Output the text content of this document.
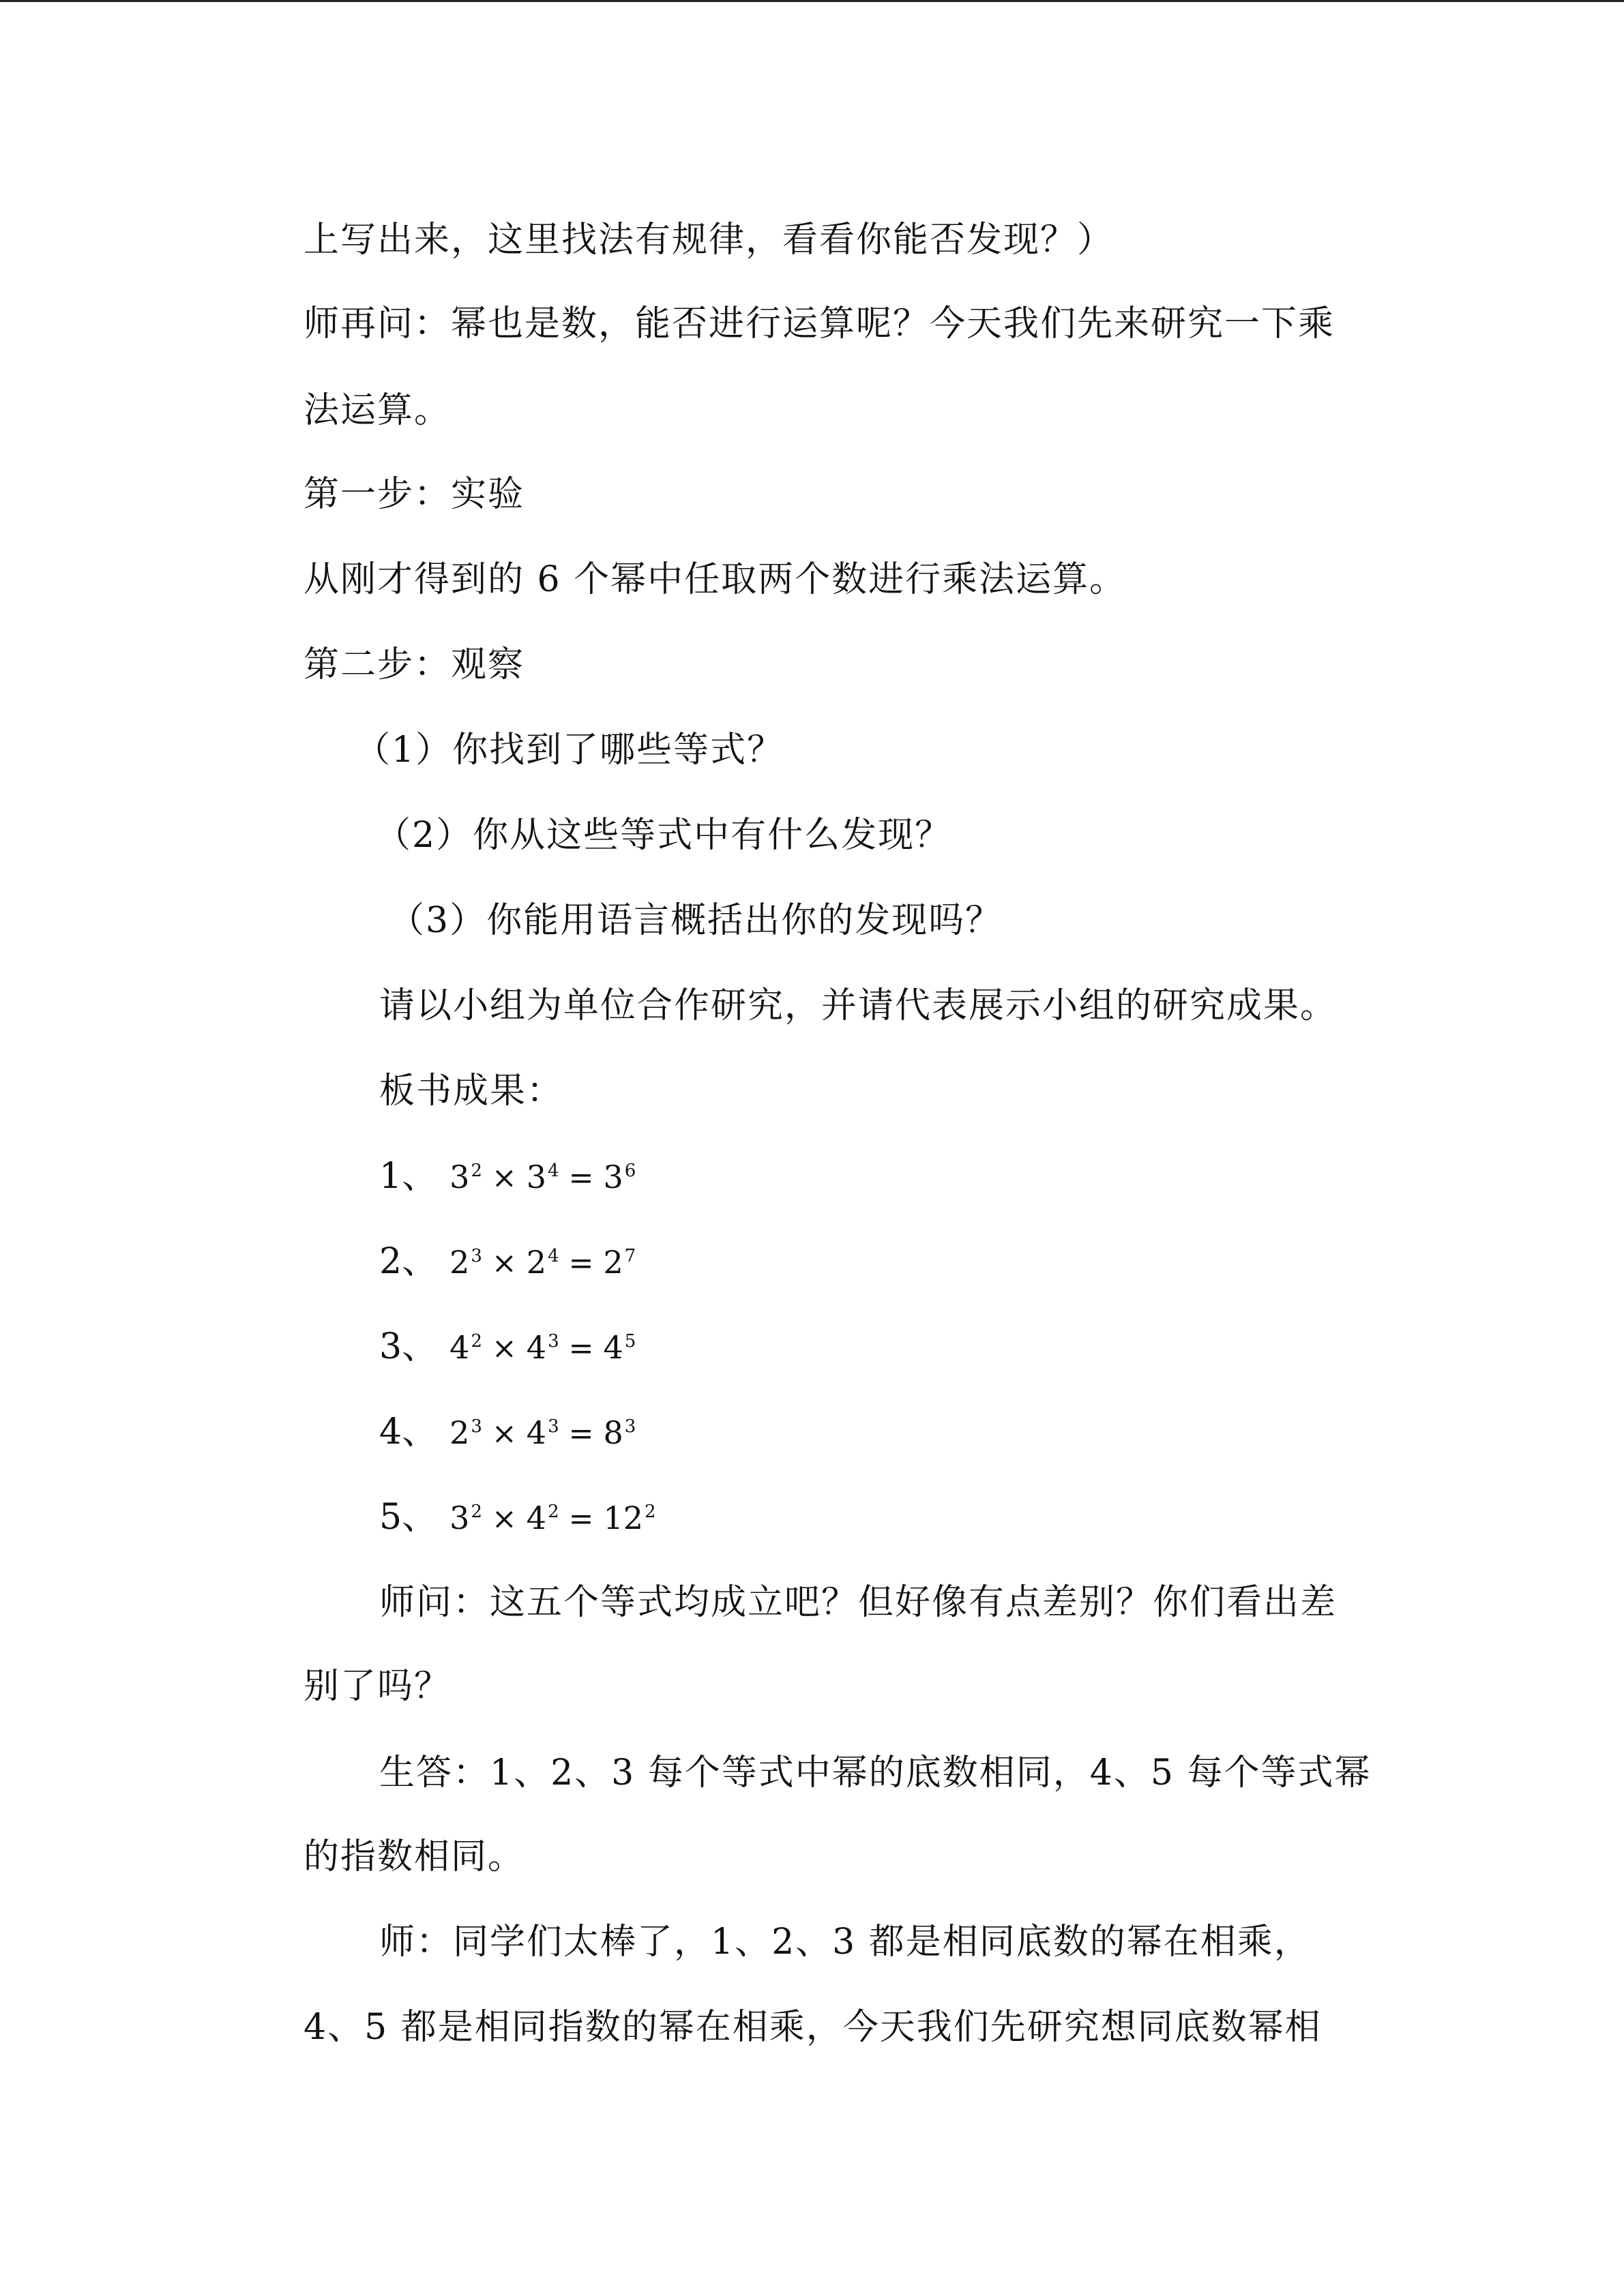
上写出来，这里找法有规律，看看你能否发现？）
师再问：幂也是数，能否进行运算呢？今天我们先来研究一下乘
法运算。
第一步：实验
从刚才得到的 6 个幂中任取两个数进行乘法运算。
第二步：观察
（1）你找到了哪些等式？
（2）你从这些等式中有什么发现？
（3）你能用语言概括出你的发现吗？
请以小组为单位合作研究，并请代表展示小组的研究成果。
板书成果：
1、 $3^2 \times 3^4 = 3^6$
2、 $2^3 \times 2^4 = 2^7$
3、 $4^2 \times 4^3 = 4^5$
4、 $2^3 \times 4^3 = 8^3$
5、 $3^2 \times 4^2 = 12^2$
师问：这五个等式均成立吧？但好像有点差别？你们看出差
别了吗？
生答：1、2、3 每个等式中幂的底数相同，4、5 每个等式幂
的指数相同。
师：同学们太棒了，1、2、3 都是相同底数的幂在相乘，
4、5 都是相同指数的幂在相乘，今天我们先研究想同底数幂相
